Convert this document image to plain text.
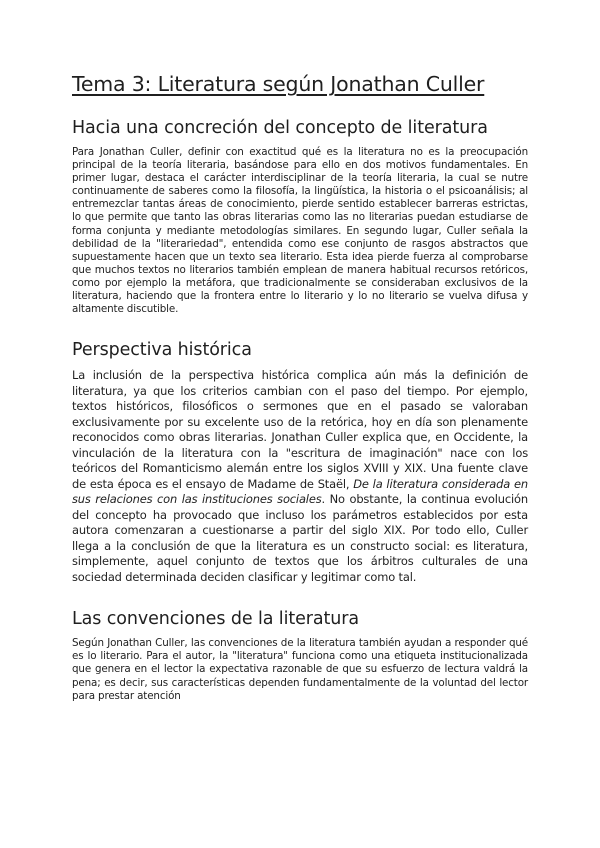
Tema 3: Literatura según Jonathan Culler
Hacia una concreción del concepto de literatura

Para Jonathan Culler, definir con exactitud qué es la literatura no es la preocupación principal de la teoría literaria, basándose para ello en dos motivos fundamentales. En primer lugar, destaca el carácter interdisciplinar de la teoría literaria, la cual se nutre continuamente de saberes como la filosofía, la lingüística, la historia o el psicoanálisis; al entremezclar tantas áreas de conocimiento, pierde sentido establecer barreras estrictas, lo que permite que tanto las obras literarias como las no literarias puedan estudiarse de forma conjunta y mediante metodologías similares. En segundo lugar, Culler señala la debilidad de la "literariedad", entendida como ese conjunto de rasgos abstractos que supuestamente hacen que un texto sea literario. Esta idea pierde fuerza al comprobarse que muchos textos no literarios también emplean de manera habitual recursos retóricos, como por ejemplo la metáfora, que tradicionalmente se consideraban exclusivos de la literatura, haciendo que la frontera entre lo literario y lo no literario se vuelva difusa y altamente discutible.

Perspectiva histórica

La inclusión de la perspectiva histórica complica aún más la definición de literatura, ya que los criterios cambian con el paso del tiempo. Por ejemplo, textos históricos, filosóficos o sermones que en el pasado se valoraban exclusivamente por su excelente uso de la retórica, hoy en día son plenamente reconocidos como obras literarias. Jonathan Culler explica que, en Occidente, la vinculación de la literatura con la "escritura de imaginación" nace con los teóricos del Romanticismo alemán entre los siglos XVIII y XIX. Una fuente clave de esta época es el ensayo de Madame de Staël, De la literatura considerada en sus relaciones con las instituciones sociales. No obstante, la continua evolución del concepto ha provocado que incluso los parámetros establecidos por esta autora comenzaran a cuestionarse a partir del siglo XIX. Por todo ello, Culler llega a la conclusión de que la literatura es un constructo social: es literatura, simplemente, aquel conjunto de textos que los árbitros culturales de una sociedad determinada deciden clasificar y legitimar como tal.

Las convenciones de la literatura

Según Jonathan Culler, las convenciones de la literatura también ayudan a responder qué es lo literario. Para el autor, la "literatura" funciona como una etiqueta institucionalizada que genera en el lector la expectativa razonable de que su esfuerzo de lectura valdrá la pena; es decir, sus características dependen fundamentalmente de la voluntad del lector para prestar atención
